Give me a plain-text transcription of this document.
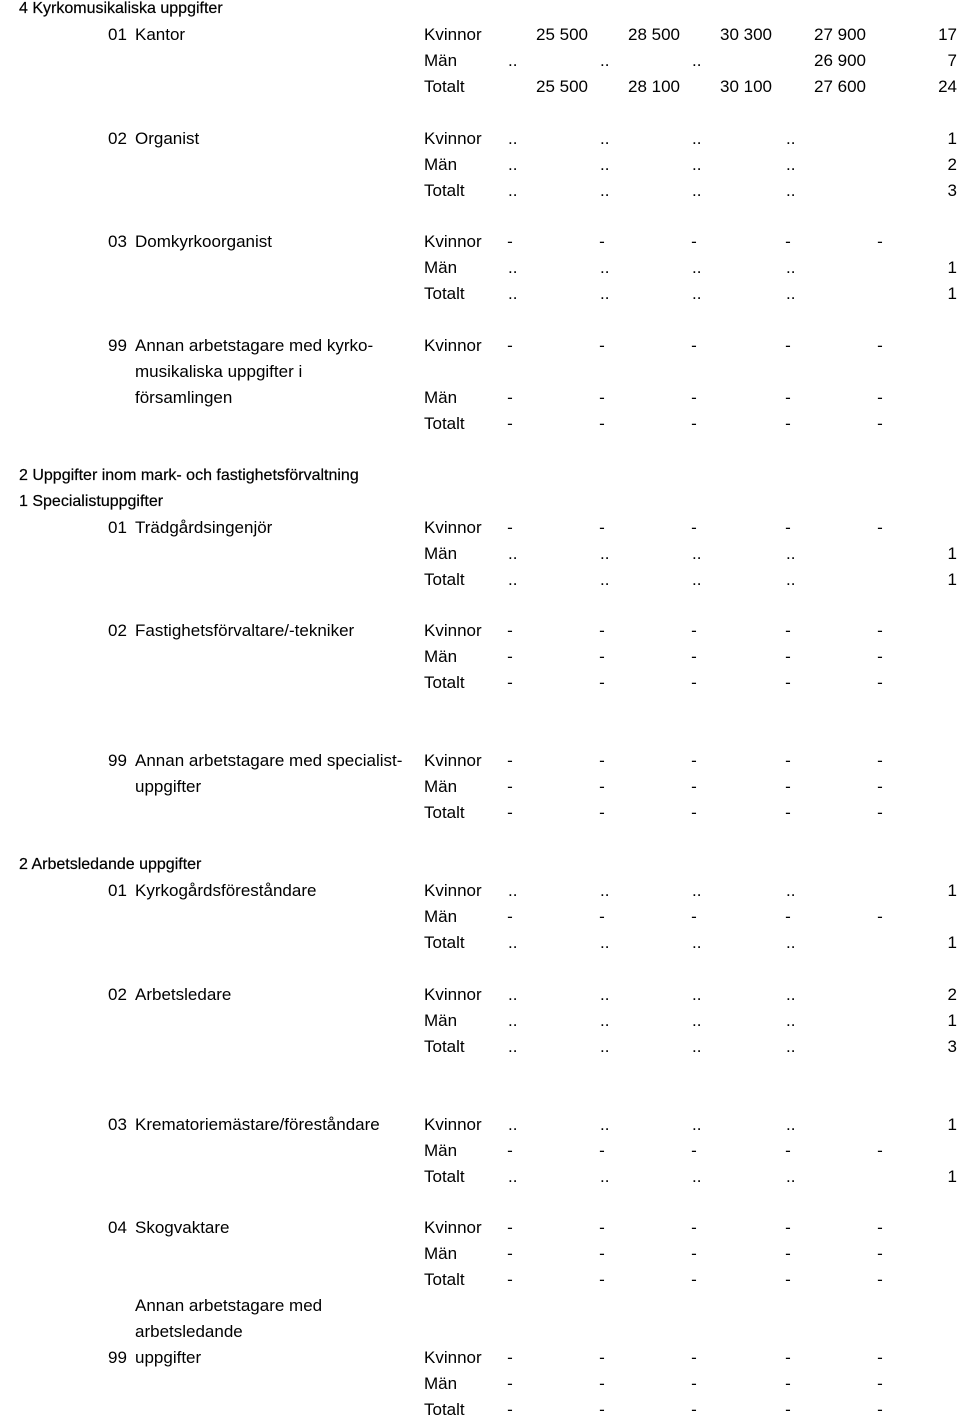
4 Kyrkomusikaliska uppgifter
01 Kantor	Kvinnor	25 500	28 500	30 300	27 900	17
Män	..	..	..	26 900	7
Totalt	25 500	28 100	30 100	27 600	24
02 Organist	Kvinnor ..	..	..	..	1
Män	..	..	..	..	2
Totalt	..	..	..	..	3
03 Domkyrkoorganist	Kvinnor	-	-	-	-	-
Män	..	..	..	..	1
Totalt	..	..	..	..	1
99 Annan arbetstagare med kyrko-
musikaliska uppgifter i
församlingen
Kvinnor	-	-	-	-	-
Män	-	-	-	-	-
Totalt	-	-	-	-	-
2 Uppgifter inom mark- och fastighetsförvaltning
1 Specialistuppgifter
01 Trädgårdsingenjör	Kvinnor	-	-	-	-	-
Män	..	..	..	..	1
Totalt	..	..	..	..	1
02 Fastighetsförvaltare/-tekniker	Kvinnor	-	-	-	-	-
Män	-	-	-	-	-
Totalt	-	-	-	-	-
99 Annan arbetstagare med specialist-
uppgifter
Kvinnor	-	-	-	-	-
Män	-	-	-	-	-
Totalt	-	-	-	-	-
2 Arbetsledande uppgifter
01 Kyrkogårdsföreståndare	Kvinnor ..	..	..	..	1
Män	-	-	-	-	-
Totalt	..	..	..	..	1
02 Arbetsledare	Kvinnor ..	..	..	..	2
Män	..	..	..	..	1
Totalt	..	..	..	..	3
03 Krematoriemästare/föreståndare	Kvinnor ..	..	..	..	1
Män	-	-	-	-	-
Totalt	..	..	..	..	1
04 Skogvaktare	Kvinnor	-	-	-	-	-
Män	-	-	-	-	-
Totalt	-	-	-	-	-
99
Annan arbetstagare med
arbetsledande
uppgifter	Kvinnor	-	-	-	-	-
Män	-	-	-	-	-
Totalt	-	-	-	-	-
